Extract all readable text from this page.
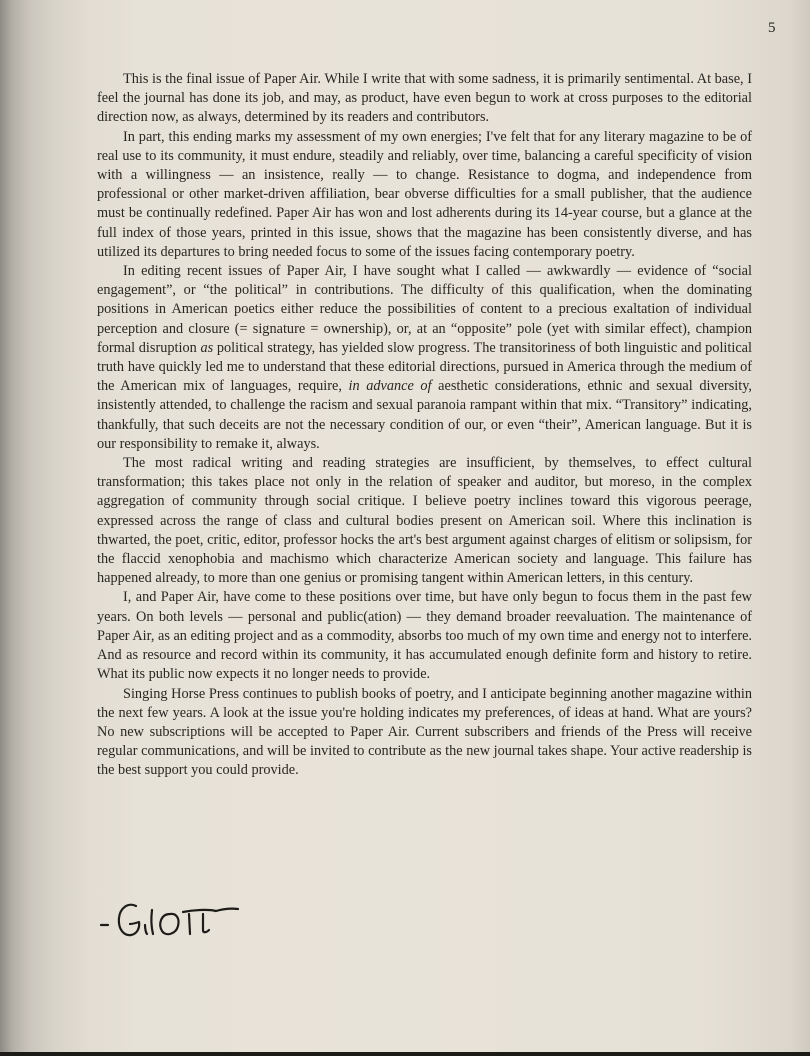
5

This is the final issue of Paper Air. While I write that with some sadness, it is primarily sentimental. At base, I feel the journal has done its job, and may, as product, have even begun to work at cross purposes to the editorial direction now, as always, determined by its readers and contributors.

In part, this ending marks my assessment of my own energies; I've felt that for any literary magazine to be of real use to its community, it must endure, steadily and reliably, over time, balancing a careful specificity of vision with a willingness — an insistence, really — to change. Resistance to dogma, and independence from professional or other market-driven affiliation, bear obverse difficulties for a small publisher, that the audience must be continually redefined. Paper Air has won and lost adherents during its 14-year course, but a glance at the full index of those years, printed in this issue, shows that the magazine has been consistently diverse, and has utilized its departures to bring needed focus to some of the issues facing contemporary poetry.

In editing recent issues of Paper Air, I have sought what I called — awkwardly — evidence of “social engagement”, or “the political” in contributions. The difficulty of this qualification, when the dominating positions in American poetics either reduce the possibilities of content to a precious exaltation of individual perception and closure (= signature = ownership), or, at an “opposite” pole (yet with similar effect), champion formal disruption as political strategy, has yielded slow progress. The transitoriness of both linguistic and political truth have quickly led me to understand that these editorial directions, pursued in America through the medium of the American mix of languages, require, in advance of aesthetic considerations, ethnic and sexual diversity, insistently attended, to challenge the racism and sexual paranoia rampant within that mix. “Transitory” indicating, thankfully, that such deceits are not the necessary condition of our, or even “their”, American language. But it is our responsibility to remake it, always.

The most radical writing and reading strategies are insufficient, by themselves, to effect cultural transformation; this takes place not only in the relation of speaker and auditor, but moreso, in the complex aggregation of community through social critique. I believe poetry inclines toward this vigorous peerage, expressed across the range of class and cultural bodies present on American soil. Where this inclination is thwarted, the poet, critic, editor, professor hocks the art's best argument against charges of elitism or solipsism, for the flaccid xenophobia and machismo which characterize American society and language. This failure has happened already, to more than one genius or promising tangent within American letters, in this century.

I, and Paper Air, have come to these positions over time, but have only begun to focus them in the past few years. On both levels — personal and public(ation) — they demand broader reevaluation. The maintenance of Paper Air, as an editing project and as a commodity, absorbs too much of my own time and energy not to interfere. And as resource and record within its community, it has accumulated enough definite form and history to retire. What its public now expects it no longer needs to provide.

Singing Horse Press continues to publish books of poetry, and I anticipate beginning another magazine within the next few years. A look at the issue you're holding indicates my preferences, of ideas at hand. What are yours? No new subscriptions will be accepted to Paper Air. Current subscribers and friends of the Press will receive regular communications, and will be invited to contribute as the new journal takes shape. Your active readership is the best support you could provide.
